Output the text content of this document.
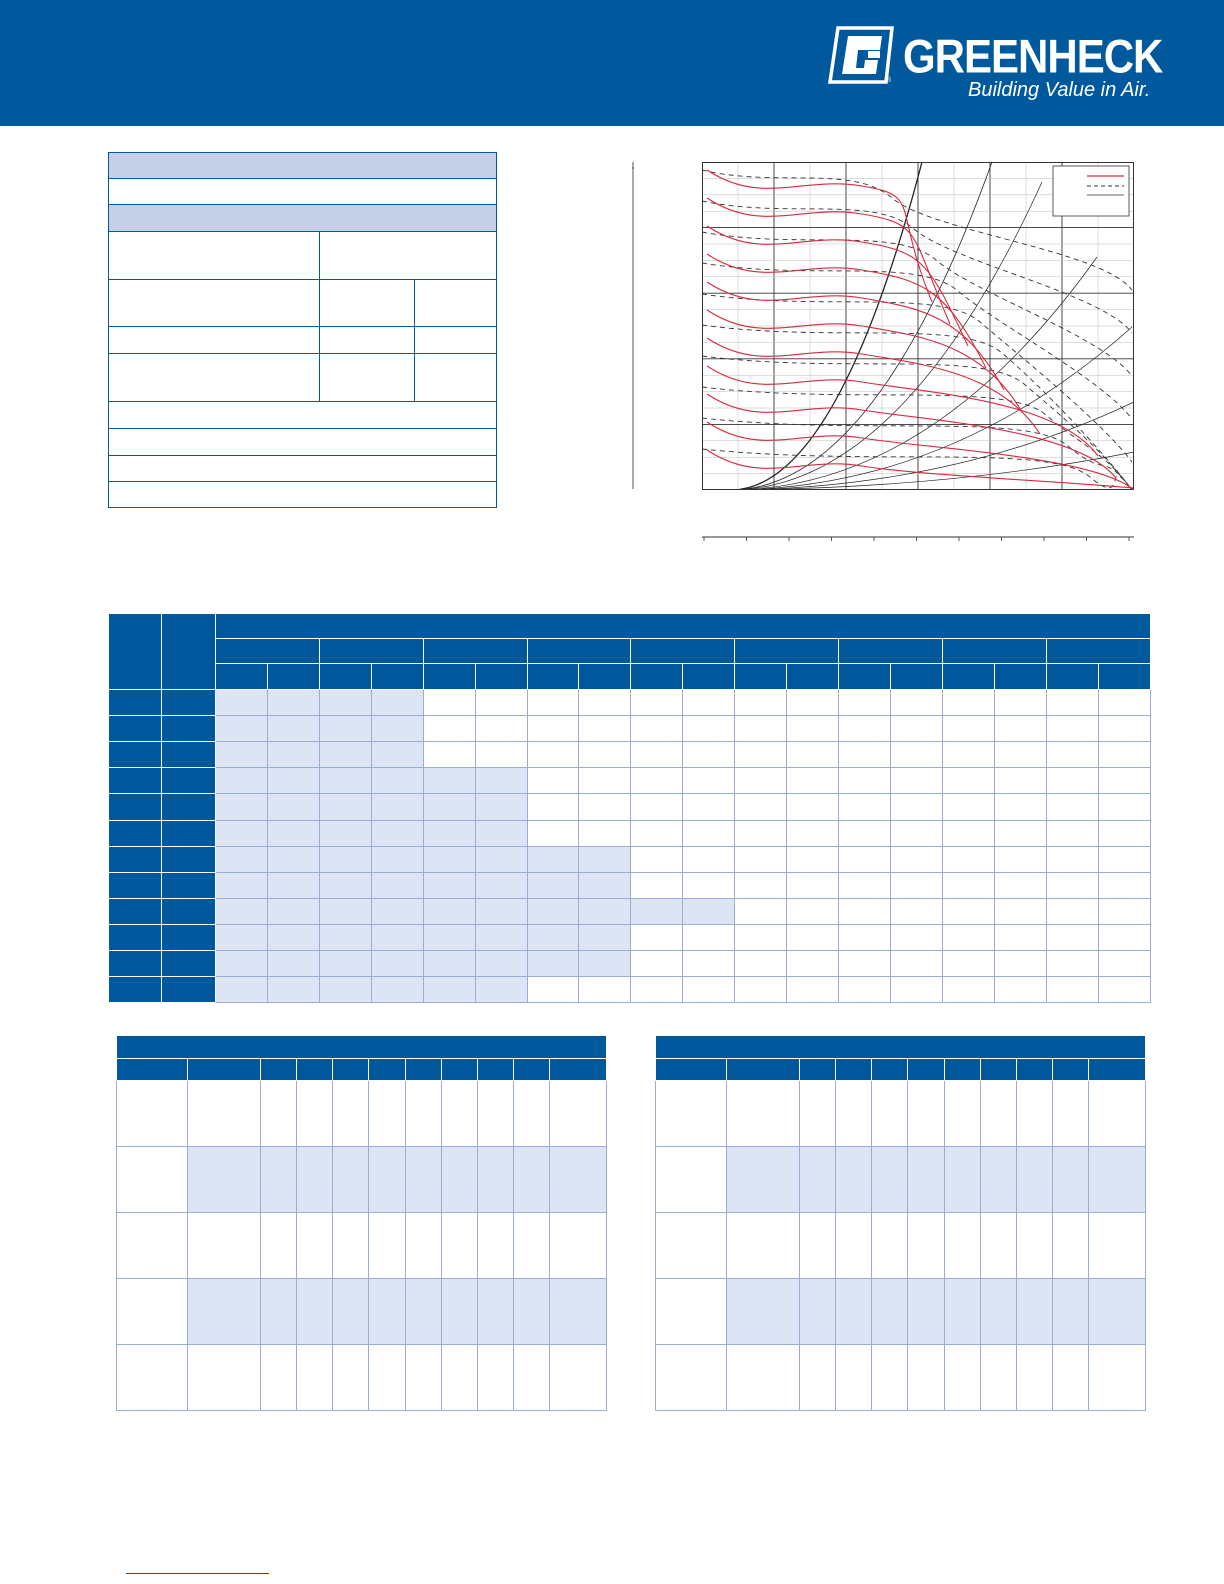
® GREENHECK
Building Value in Air.
